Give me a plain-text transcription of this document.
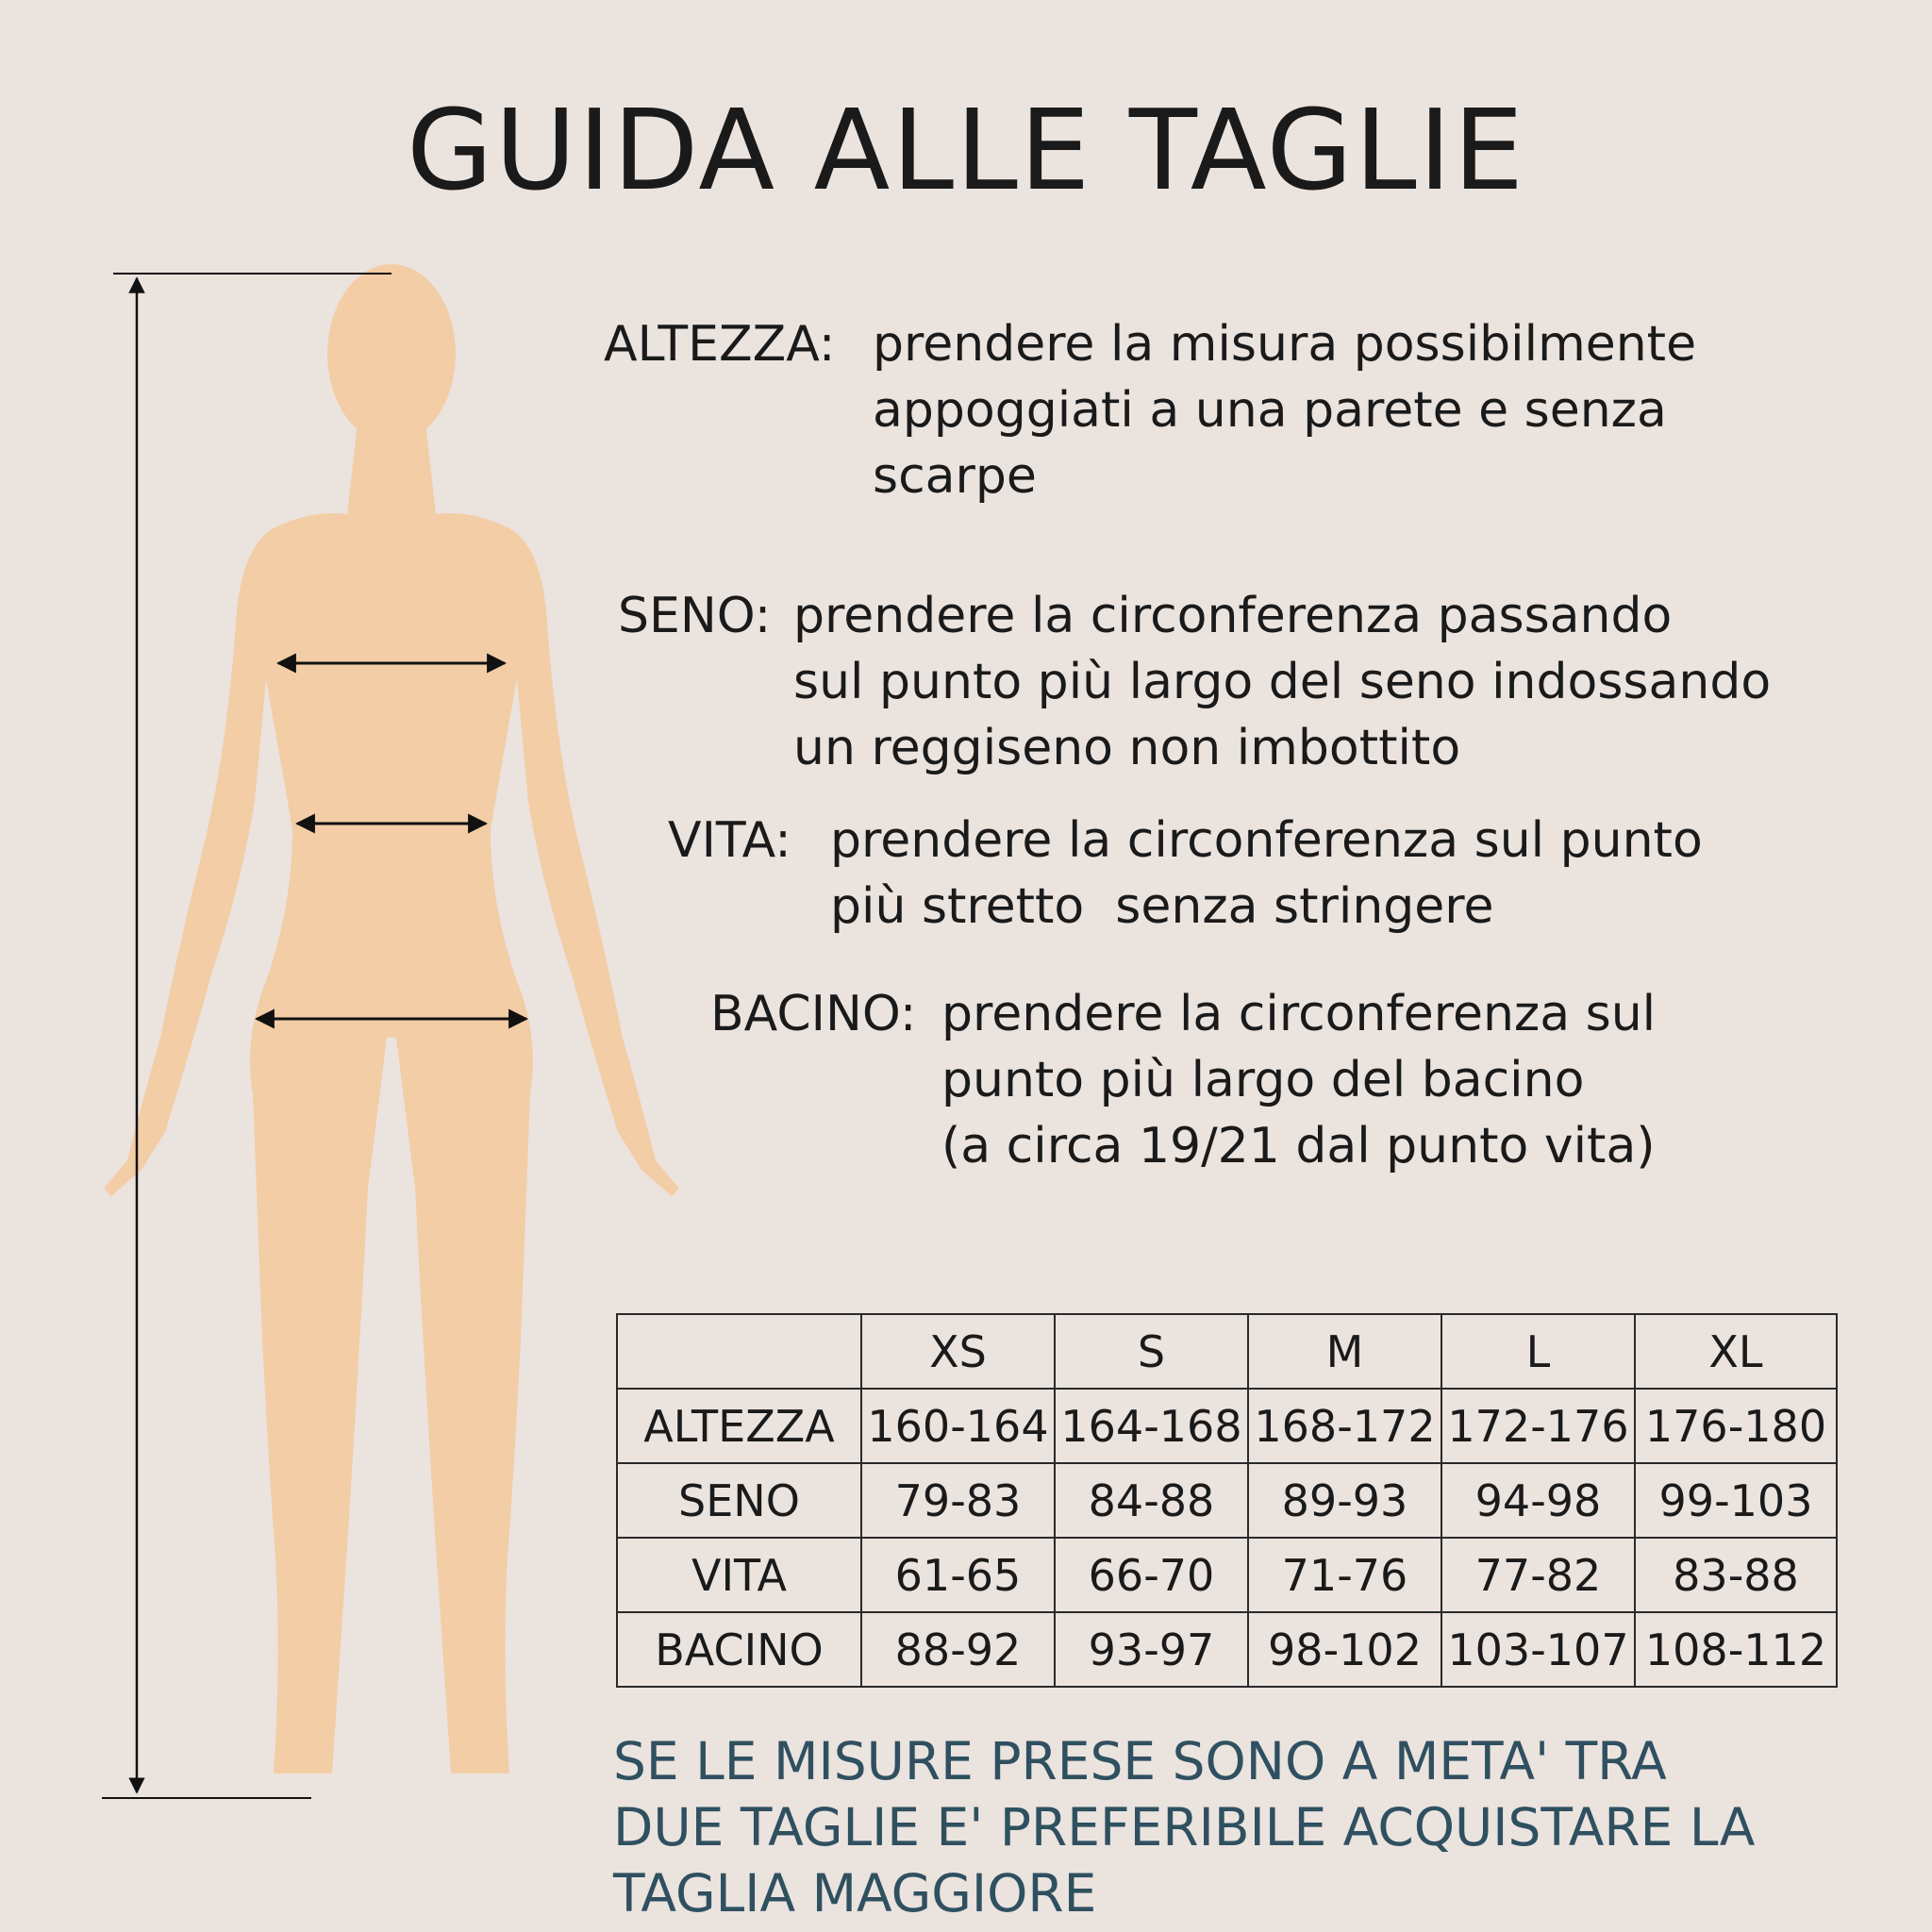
GUIDA ALLE TAGLIE
ALTEZZA: prendere la misura possibilmente
appoggiati a una parete e senza
scarpe
SENO: prendere la circonferenza passando
sul punto più largo del seno indossando
un reggiseno non imbottito
VITA: prendere la circonferenza sul punto
più stretto  senza stringere
BACINO: prendere la circonferenza sul
punto più largo del bacino
(a circa 19/21 dal punto vita)
	XS	S	M	L	XL
ALTEZZA	160-164	164-168	168-172	172-176	176-180
SENO	79-83	84-88	89-93	94-98	99-103
VITA	61-65	66-70	71-76	77-82	83-88
BACINO	88-92	93-97	98-102	103-107	108-112
SE LE MISURE PRESE SONO A META' TRA
DUE TAGLIE E' PREFERIBILE ACQUISTARE LA
TAGLIA MAGGIORE
